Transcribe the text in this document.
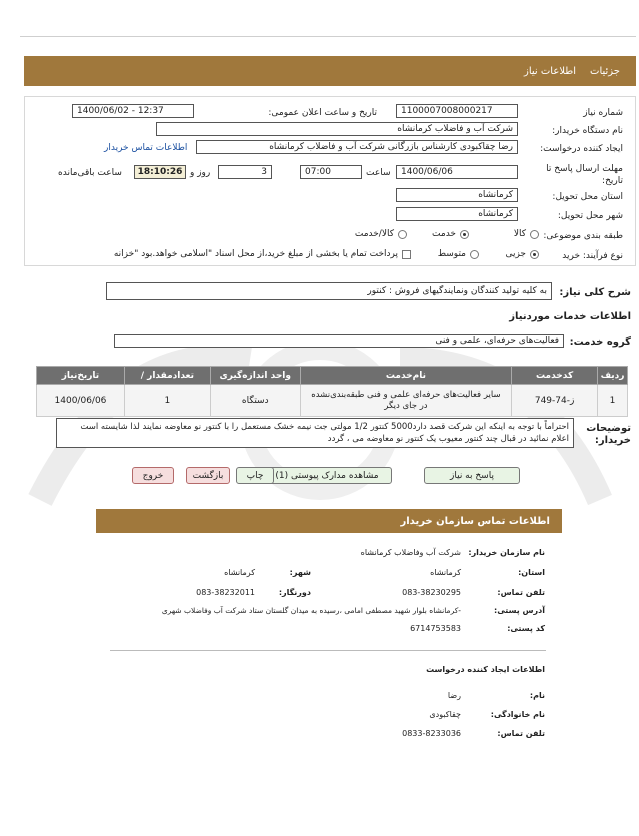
جزئیات
اطلاعات نیاز
شماره نیاز
1100007008000217
تاریخ و ساعت اعلان عمومی:
1400/06/02 - 12:37
نام دستگاه خریدار:
شرکت آب و فاضلاب کرمانشاه
ایجاد کننده درخواست:
رضا چقاکبودی کارشناس بازرگانی شرکت آب و فاضلاب کرمانشاه
اطلاعات تماس خریدار
مهلت ارسال پاسخ تا تاریخ:
1400/06/06
ساعت
07:00
3
روز و
18:10:26
ساعت باقی‌مانده
استان محل تحویل:
کرمانشاه
شهر محل تحویل:
کرمانشاه
طبقه بندی موضوعی:
کالا
خدمت
کالا/خدمت
نوع فرآیند: خرید
جزیی
متوسط
پرداخت تمام یا بخشی از مبلغ خرید،از محل اسناد "اسلامی خواهد.بود "خزانه
شرح کلی نیاز:
به کلیه تولید کنندگان ونمایندگیهای فروش : کنتور
اطلاعات خدمات موردنیاز
گروه خدمت:
فعالیت‌های حرفه‌ای، علمی و فنی
ردیف	کدخدمت	نام‌خدمت	واحد اندازه‌گیری	تعدادمقدار /	تاریخ‌نیاز
1	ز-74-749	سایر فعالیت‌های حرفه‌ای علمی و فنی طبقه‌بندی‌نشده در جای دیگر	دستگاه	1	1400/06/06
توضیحات خریدار:
احتراماً با توجه به اینکه این شرکت قصد دارد5000 کنتور 1/2 مولتی جت نیمه خشک مستعمل را با کنتور نو معاوضه نمایند لذا شایسته است اعلام نمائید در قبال چند کنتور معیوب یک کنتور نو معاوضه می ، گردد
پاسخ به نیاز
مشاهده مدارک پیوستی (1)
چاپ
بازگشت
خروج
اطلاعات تماس سازمان خریدار
نام سازمان خریدار:
شرکت آب وفاضلاب کرمانشاه
استان:
کرمانشاه
شهر:
کرمانشاه
تلفن تماس:
083-38230295
دورنگار:
083-38232011
آدرس پستی:
-کرمانشاه بلوار شهید مصطفی امامی ،رسیده به میدان گلستان ستاد شرکت آب وفاضلاب شهری
کد پستی:
6714753583
اطلاعات ایجاد کننده درخواست
نام:
رضا
نام خانوادگی:
چقاکبودی
تلفن تماس:
0833-8233036
